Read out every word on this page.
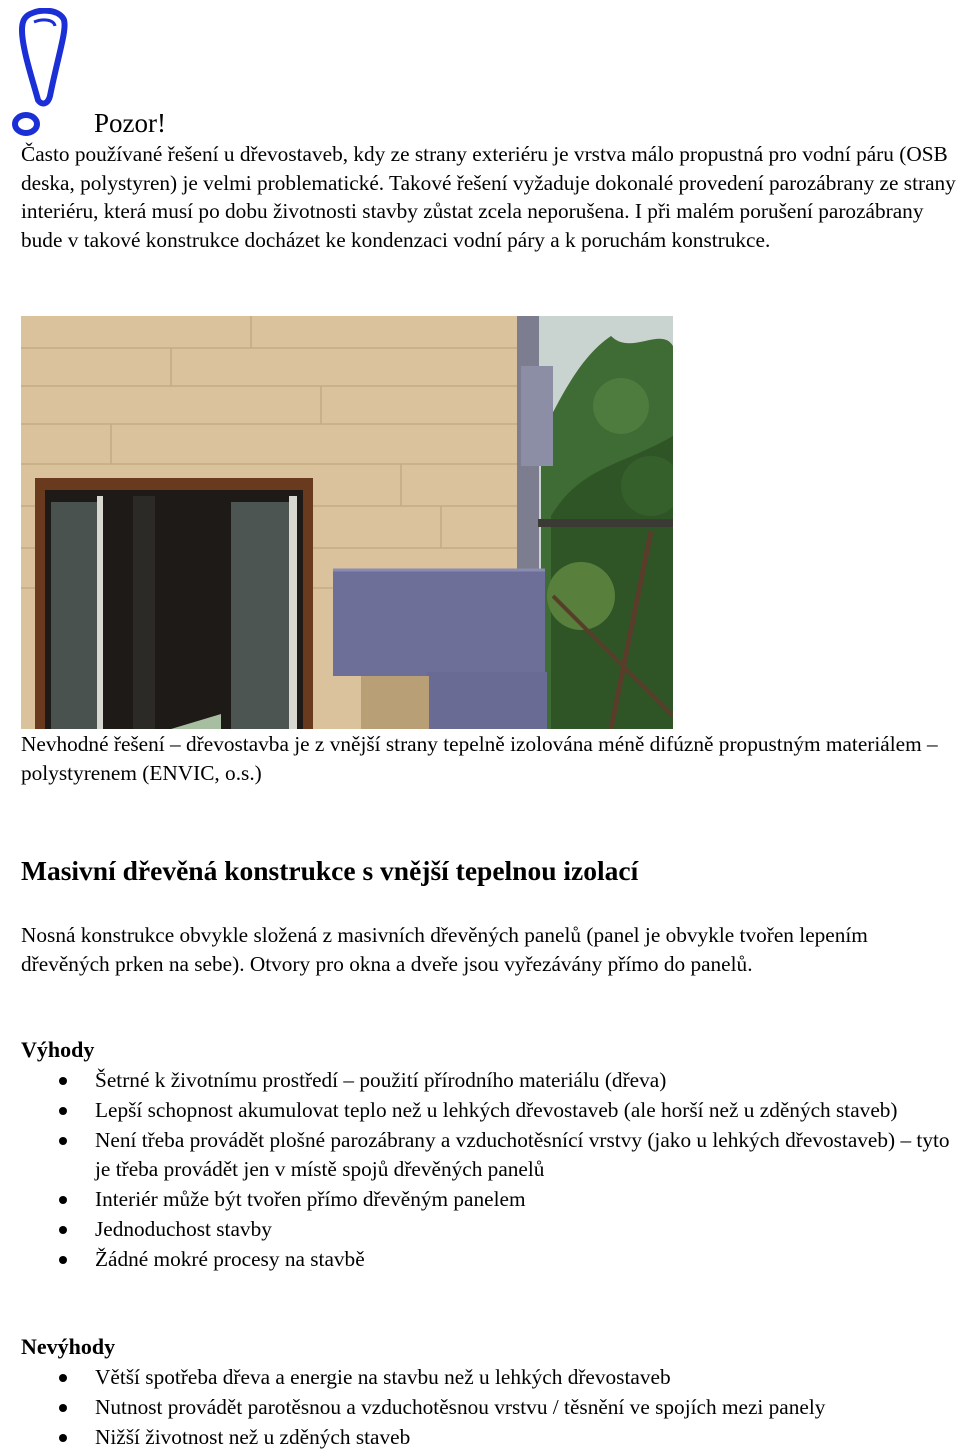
Pozor!

Často používané řešení u dřevostaveb, kdy ze strany exteriéru je vrstva málo propustná pro vodní páru (OSB deska, polystyren) je velmi problematické. Takové řešení vyžaduje dokonalé provedení parozábrany ze strany interiéru, která musí po dobu životnosti stavby zůstat zcela neporušena. I při malém porušení parozábrany bude v takové konstrukce docházet ke kondenzaci vodní páry a k poruchám konstrukce.

Nevhodné řešení – dřevostavba je z vnější strany tepelně izolována méně difúzně propustným materiálem – polystyrenem (ENVIC, o.s.)

Masivní dřevěná konstrukce s vnější tepelnou izolací

Nosná konstrukce obvykle složená z masivních dřevěných panelů (panel je obvykle tvořen lepením dřevěných prken na sebe). Otvory pro okna a dveře jsou vyřezávány přímo do panelů.

Výhody
Šetrné k životnímu prostředí – použití přírodního materiálu (dřeva)
Lepší schopnost akumulovat teplo než u lehkých dřevostaveb (ale horší než u zděných staveb)
Není třeba provádět plošné parozábrany a vzduchotěsnící vrstvy (jako u lehkých dřevostaveb) – tyto je třeba provádět jen v místě spojů dřevěných panelů
Interiér může být tvořen přímo dřevěným panelem
Jednoduchost stavby
Žádné mokré procesy na stavbě
Nevýhody
Větší spotřeba dřeva a energie na stavbu než u lehkých dřevostaveb
Nutnost provádět parotěsnou a vzduchotěsnou vrstvu / těsnění ve spojích mezi panely
Nižší životnost než u zděných staveb
